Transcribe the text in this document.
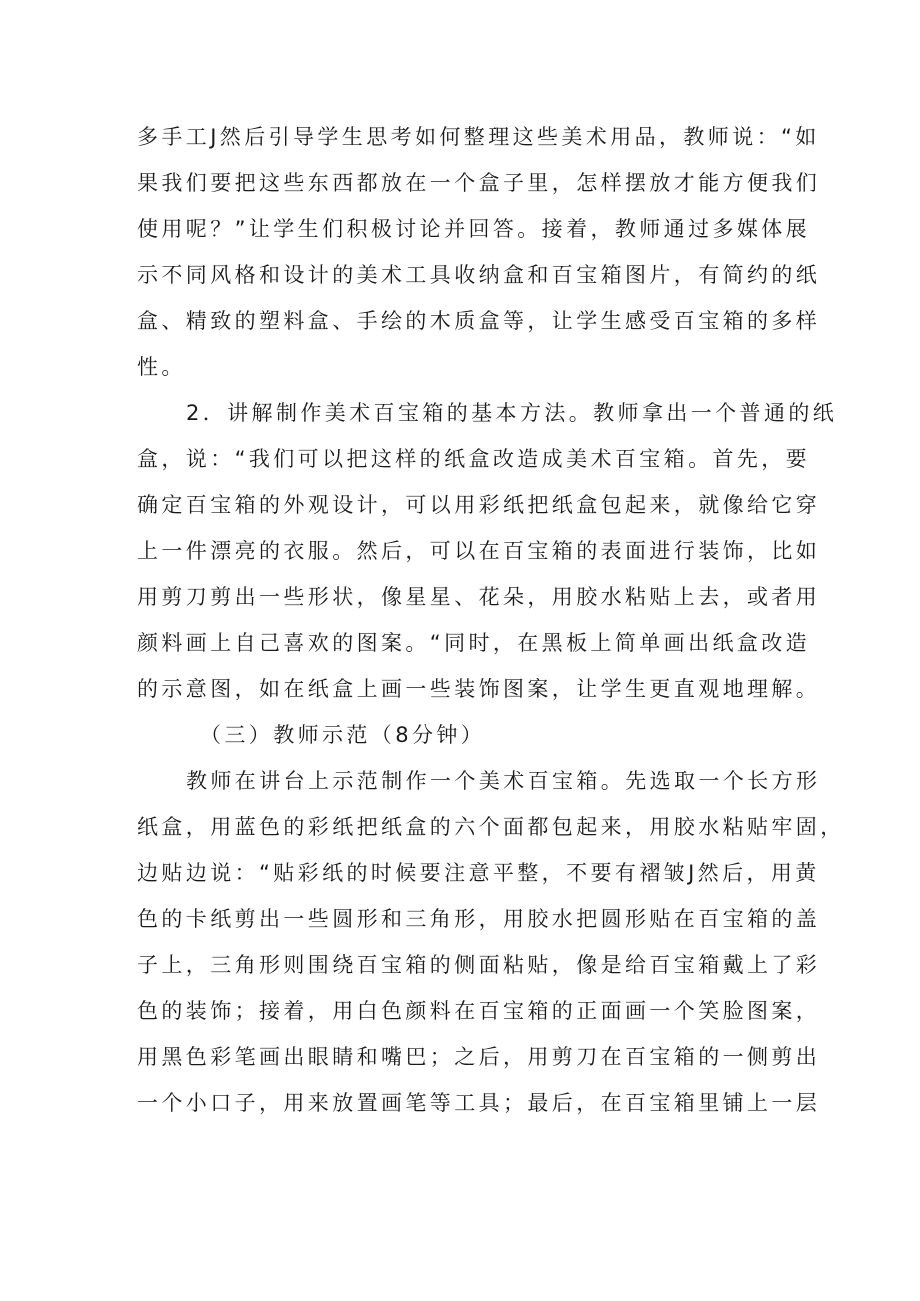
多手工J然后引导学生思考如何整理这些美术用品，教师说：“如
果我们要把这些东西都放在一个盒子里，怎样摆放才能方便我们
使用呢？”让学生们积极讨论并回答。接着，教师通过多媒体展
示不同风格和设计的美术工具收纳盒和百宝箱图片，有简约的纸
盒、精致的塑料盒、手绘的木质盒等，让学生感受百宝箱的多样
性。
2．讲解制作美术百宝箱的基本方法。教师拿出一个普通的纸
盒，说：“我们可以把这样的纸盒改造成美术百宝箱。首先，要
确定百宝箱的外观设计，可以用彩纸把纸盒包起来，就像给它穿
上一件漂亮的衣服。然后，可以在百宝箱的表面进行装饰，比如
用剪刀剪出一些形状，像星星、花朵，用胶水粘贴上去，或者用
颜料画上自己喜欢的图案。“同时，在黑板上简单画出纸盒改造
的示意图，如在纸盒上画一些装饰图案，让学生更直观地理解。
（三）教师示范（8分钟）
教师在讲台上示范制作一个美术百宝箱。先选取一个长方形
纸盒，用蓝色的彩纸把纸盒的六个面都包起来，用胶水粘贴牢固，
边贴边说：“贴彩纸的时候要注意平整，不要有褶皱J然后，用黄
色的卡纸剪出一些圆形和三角形，用胶水把圆形贴在百宝箱的盖
子上，三角形则围绕百宝箱的侧面粘贴，像是给百宝箱戴上了彩
色的装饰；接着，用白色颜料在百宝箱的正面画一个笑脸图案，
用黑色彩笔画出眼睛和嘴巴；之后，用剪刀在百宝箱的一侧剪出
一个小口子，用来放置画笔等工具；最后，在百宝箱里铺上一层
